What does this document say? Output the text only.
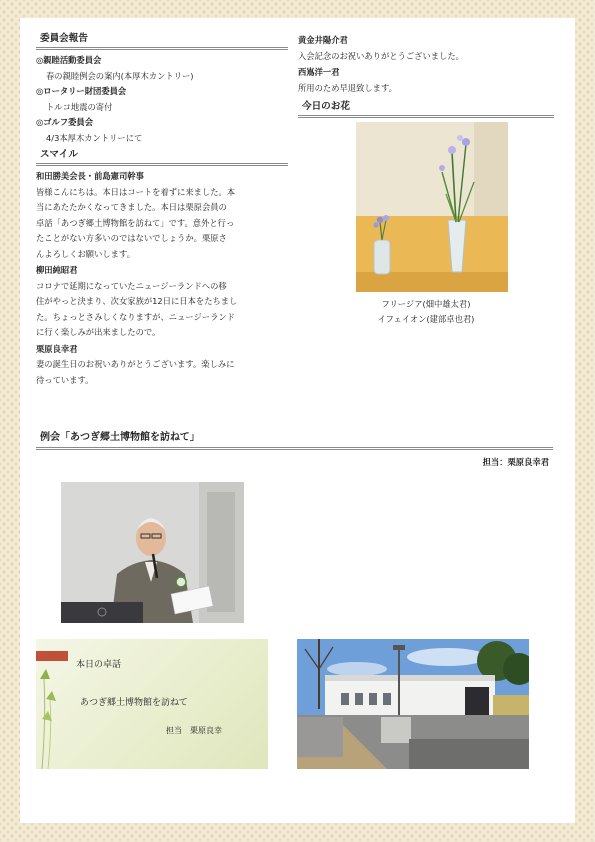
委員会報告
◎親睦活動委員会
春の親睦例会の案内(本厚木カントリー)
◎ロータリー財団委員会
トルコ地震の寄付
◎ゴルフ委員会
4/3本厚木カントリーにて
スマイル
和田勝美会長・前島憲司幹事
皆様こんにちは。本日はコートを着ずに来ました。本
当にあたたかくなってきました。本日は栗原会員の
卓話「あつぎ郷土博物館を訪ねて」です。意外と行っ
たことがない方多いのではないでしょうか。栗原さ
んよろしくお願いします。
柳田純昭君
コロナで延期になっていたニュージーランドへの移
住がやっと決まり、次女家族が12日に日本をたちまし
た。ちょっとさみしくなりますが、ニュージーランド
に行く楽しみが出来ましたので。
栗原良幸君
妻の誕生日のお祝いありがとうございます。楽しみに
待っています。
黄金井陽介君
入会記念のお祝いありがとうございました。
西嶌洋一君
所用のため早退致します。
今日のお花
フリージア(畑中雄太君)
イフェイオン(建部卓也君)
例会「あつぎ郷土博物館を訪ねて」
担当：栗原良幸君
本日の卓話
あつぎ郷土博物館を訪ねて
担当　栗原良幸
